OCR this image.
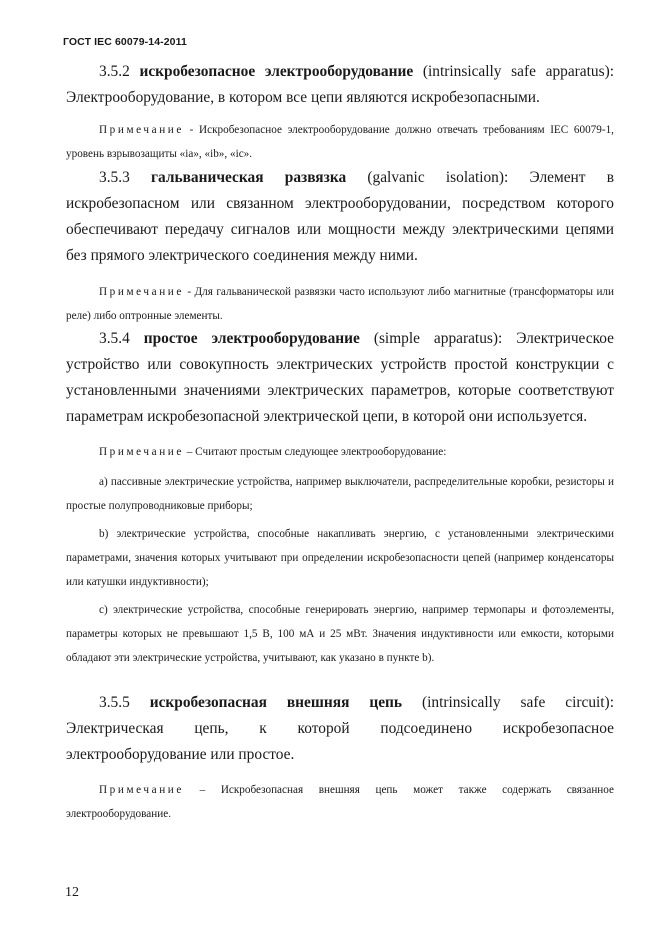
ГОСТ IEC 60079-14-2011

3.5.2 искробезопасное электрооборудование (intrinsically safe apparatus): Электрооборудование, в котором все цепи являются искробезопасными.

Примечание - Искробезопасное электрооборудование должно отвечать требованиям IEC 60079-1, уровень взрывозащиты «ia», «ib», «ic».

3.5.3 гальваническая развязка (galvanic isolation): Элемент в искробезопасном или связанном электрооборудовании, посредством которого обеспечивают передачу сигналов или мощности между электрическими цепями без прямого электрического соединения между ними.

Примечание - Для гальванической развязки часто используют либо магнитные (трансформаторы или реле) либо оптронные элементы.

3.5.4 простое электрооборудование (simple apparatus): Электрическое устройство или совокупность электрических устройств простой конструкции с установленными значениями электрических параметров, которые соответствуют параметрам искробезопасной электрической цепи, в которой они используется.

Примечание – Считают простым следующее электрооборудование:

а) пассивные электрические устройства, например выключатели, распределительные коробки, резисторы и простые полупроводниковые приборы;

b) электрические устройства, способные накапливать энергию, с установленными электрическими параметрами, значения которых учитывают при определении искробезопасности цепей (например конденсаторы или катушки индуктивности);

с) электрические устройства, способные генерировать энергию, например термопары и фотоэлементы, параметры которых не превышают 1,5 В, 100 мА и 25 мВт. Значения индуктивности или емкости, которыми обладают эти электрические устройства, учитывают, как указано в пункте b).

3.5.5 искробезопасная внешняя цепь (intrinsically safe circuit): Электрическая цепь, к которой подсоединено искробезопасное электрооборудование или простое.

Примечание – Искробезопасная внешняя цепь может также содержать связанное электрооборудование.

12
